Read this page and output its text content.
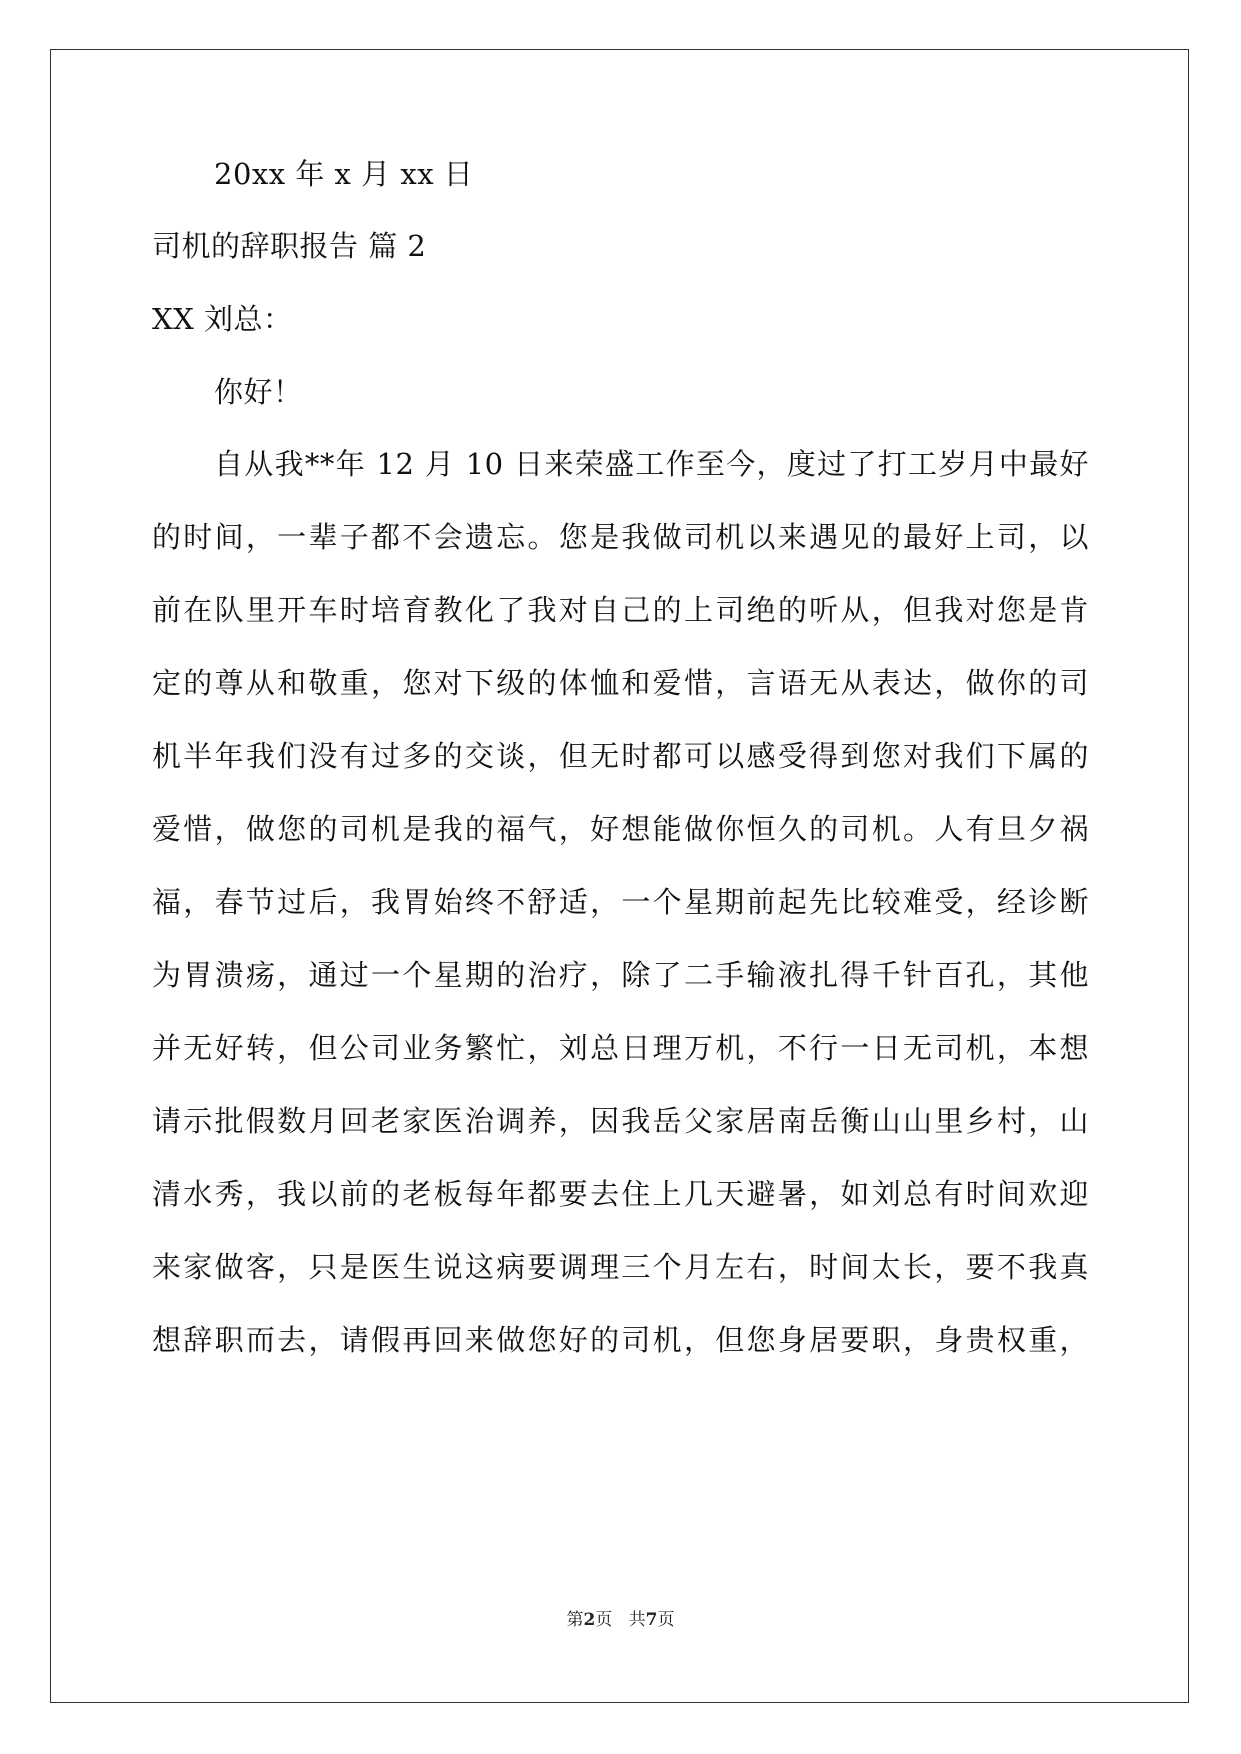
20xx 年 x 月 xx 日
司机的辞职报告 篇 2
XX 刘总：
你好！
自从我**年 12 月 10 日来荣盛工作至今，度过了打工岁月中最好
的时间，一辈子都不会遗忘。您是我做司机以来遇见的最好上司，以
前在队里开车时培育教化了我对自己的上司绝的听从，但我对您是肯
定的尊从和敬重，您对下级的体恤和爱惜，言语无从表达，做你的司
机半年我们没有过多的交谈，但无时都可以感受得到您对我们下属的
爱惜，做您的司机是我的福气，好想能做你恒久的司机。人有旦夕祸
福，春节过后，我胃始终不舒适，一个星期前起先比较难受，经诊断
为胃溃疡，通过一个星期的治疗，除了二手输液扎得千针百孔，其他
并无好转，但公司业务繁忙，刘总日理万机，不行一日无司机，本想
请示批假数月回老家医治调养，因我岳父家居南岳衡山山里乡村，山
清水秀，我以前的老板每年都要去住上几天避暑，如刘总有时间欢迎
来家做客，只是医生说这病要调理三个月左右，时间太长，要不我真
想辞职而去，请假再回来做您好的司机，但您身居要职，身贵权重，
第2页 共7页
